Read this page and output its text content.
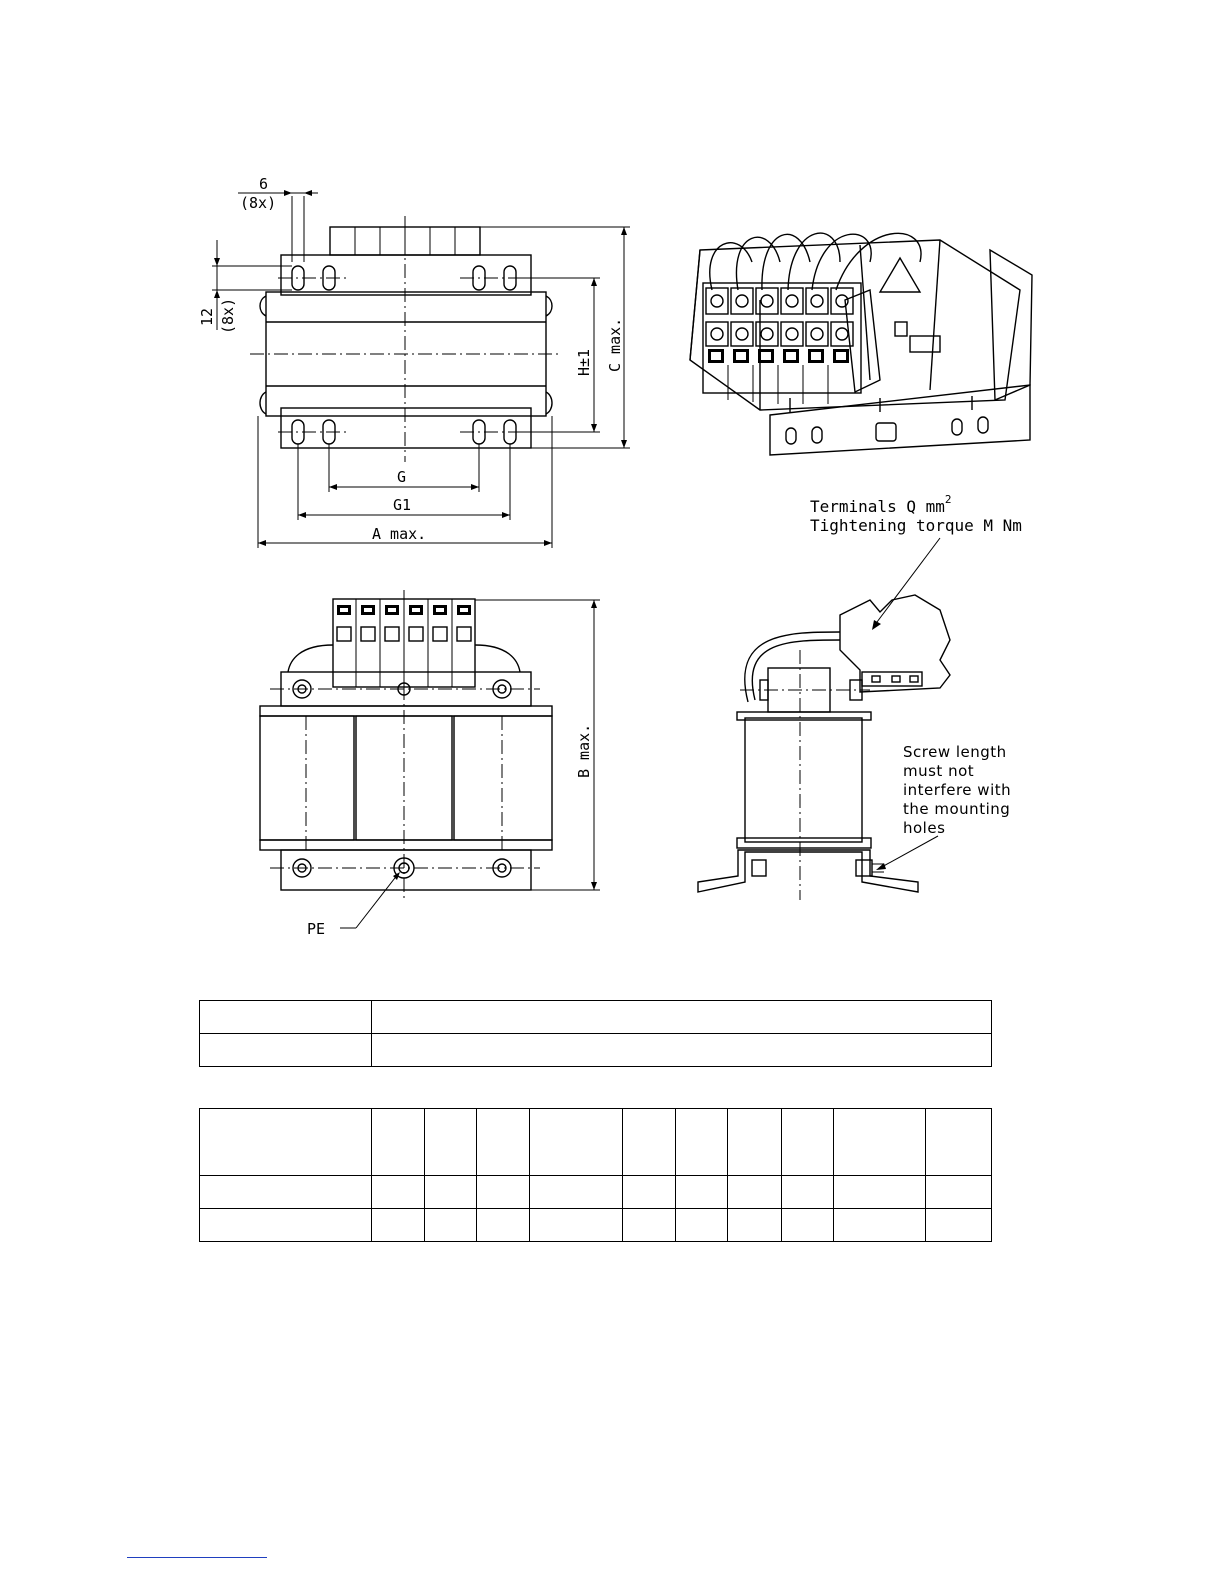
6
(8x)
12 (8x)
H±1 C max.
G
G1
A max.
B max.
PE
Terminals Q $mm^2$
Tightening torque M Nm
Screw length
must not
interfere with
the mounting
holes
